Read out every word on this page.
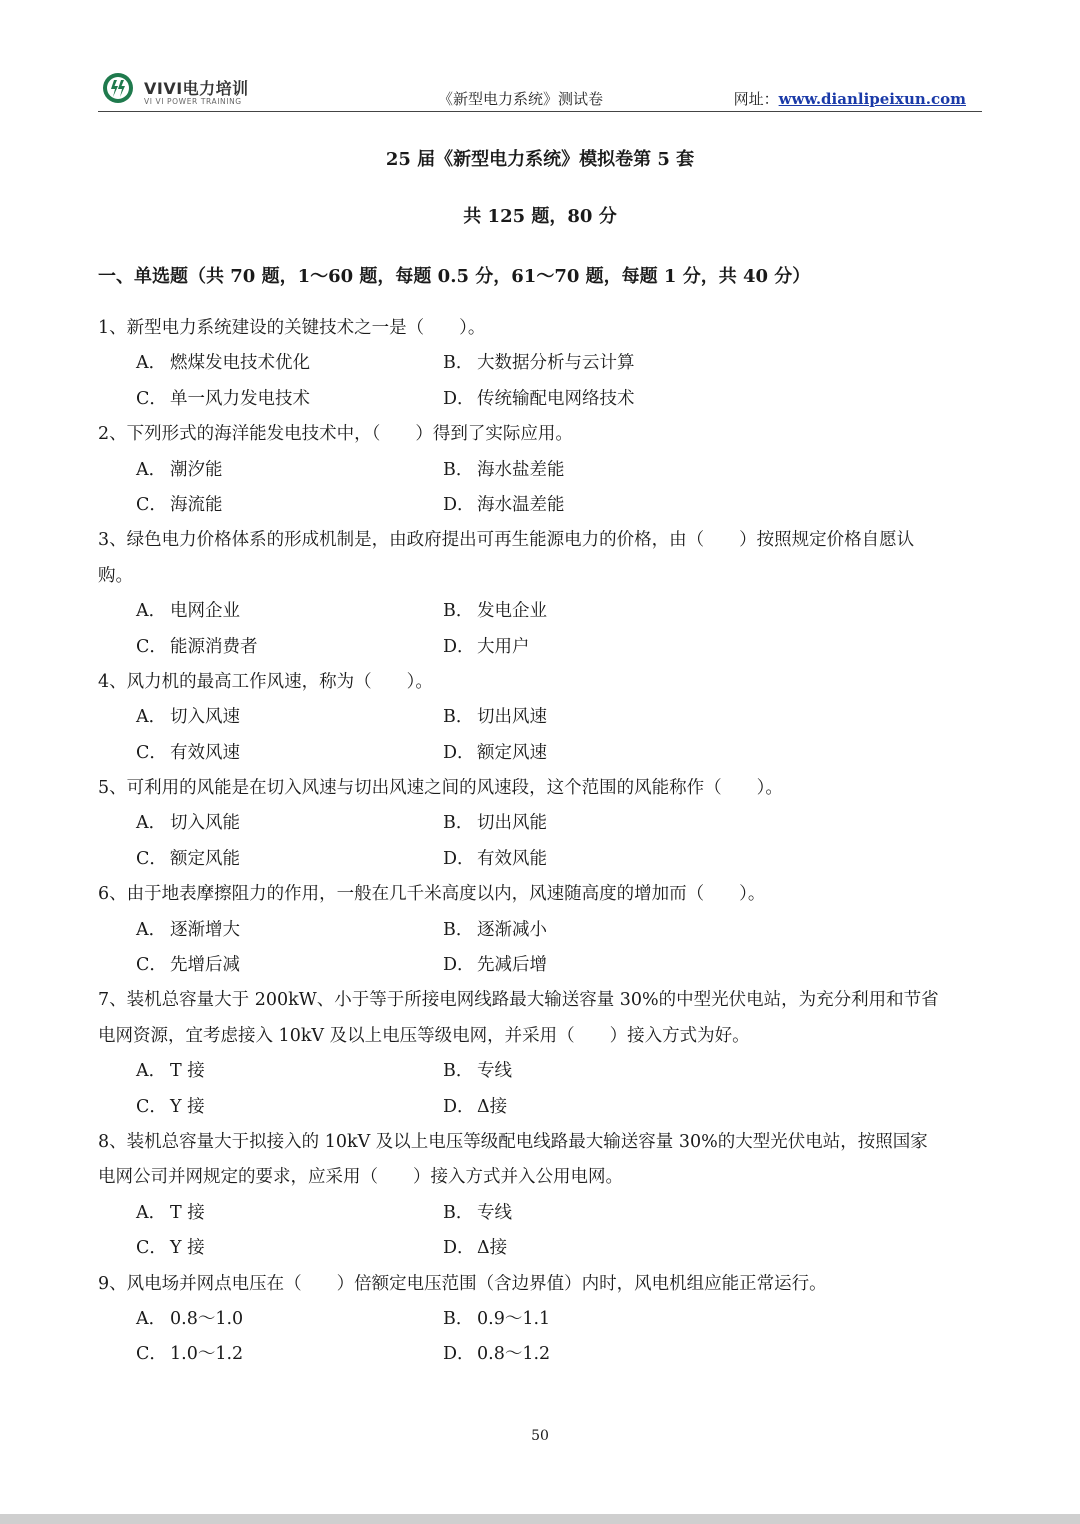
VIVI电力培训
VI VI POWER TRAINING	《新型电力系统》测试卷	网址：www.dianlipeixun.com
25 届《新型电力系统》模拟卷第 5 套
共 125 题，80 分
一、单选题（共 70 题，1～60 题，每题 0.5 分，61～70 题，每题 1 分，共 40 分）
1、新型电力系统建设的关键技术之一是（　　）。
A． 燃煤发电技术优化	B． 大数据分析与云计算
C． 单一风力发电技术	D． 传统输配电网络技术
2、下列形式的海洋能发电技术中，（　　）得到了实际应用。
A． 潮汐能	B． 海水盐差能
C． 海流能	D． 海水温差能
3、绿色电力价格体系的形成机制是，由政府提出可再生能源电力的价格，由（　　）按照规定价格自愿认
购。
A． 电网企业	B． 发电企业
C． 能源消费者	D． 大用户
4、风力机的最高工作风速，称为（　　）。
A． 切入风速	B． 切出风速
C． 有效风速	D． 额定风速
5、可利用的风能是在切入风速与切出风速之间的风速段，这个范围的风能称作（　　）。
A． 切入风能	B． 切出风能
C． 额定风能	D． 有效风能
6、由于地表摩擦阻力的作用，一般在几千米高度以内，风速随高度的增加而（　　）。
A． 逐渐增大	B． 逐渐减小
C． 先增后减	D． 先减后增
7、装机总容量大于 200kW、小于等于所接电网线路最大输送容量 30%的中型光伏电站，为充分利用和节省
电网资源，宜考虑接入 10kV 及以上电压等级电网，并采用（　　）接入方式为好。
A． T 接	B． 专线
C． Y 接	D． Δ接
8、装机总容量大于拟接入的 10kV 及以上电压等级配电线路最大输送容量 30%的大型光伏电站，按照国家
电网公司并网规定的要求，应采用（　　）接入方式并入公用电网。
A． T 接	B． 专线
C． Y 接	D． Δ接
9、风电场并网点电压在（　　）倍额定电压范围（含边界值）内时，风电机组应能正常运行。
A． 0.8～1.0	B． 0.9～1.1
C． 1.0～1.2	D． 0.8～1.2
50
